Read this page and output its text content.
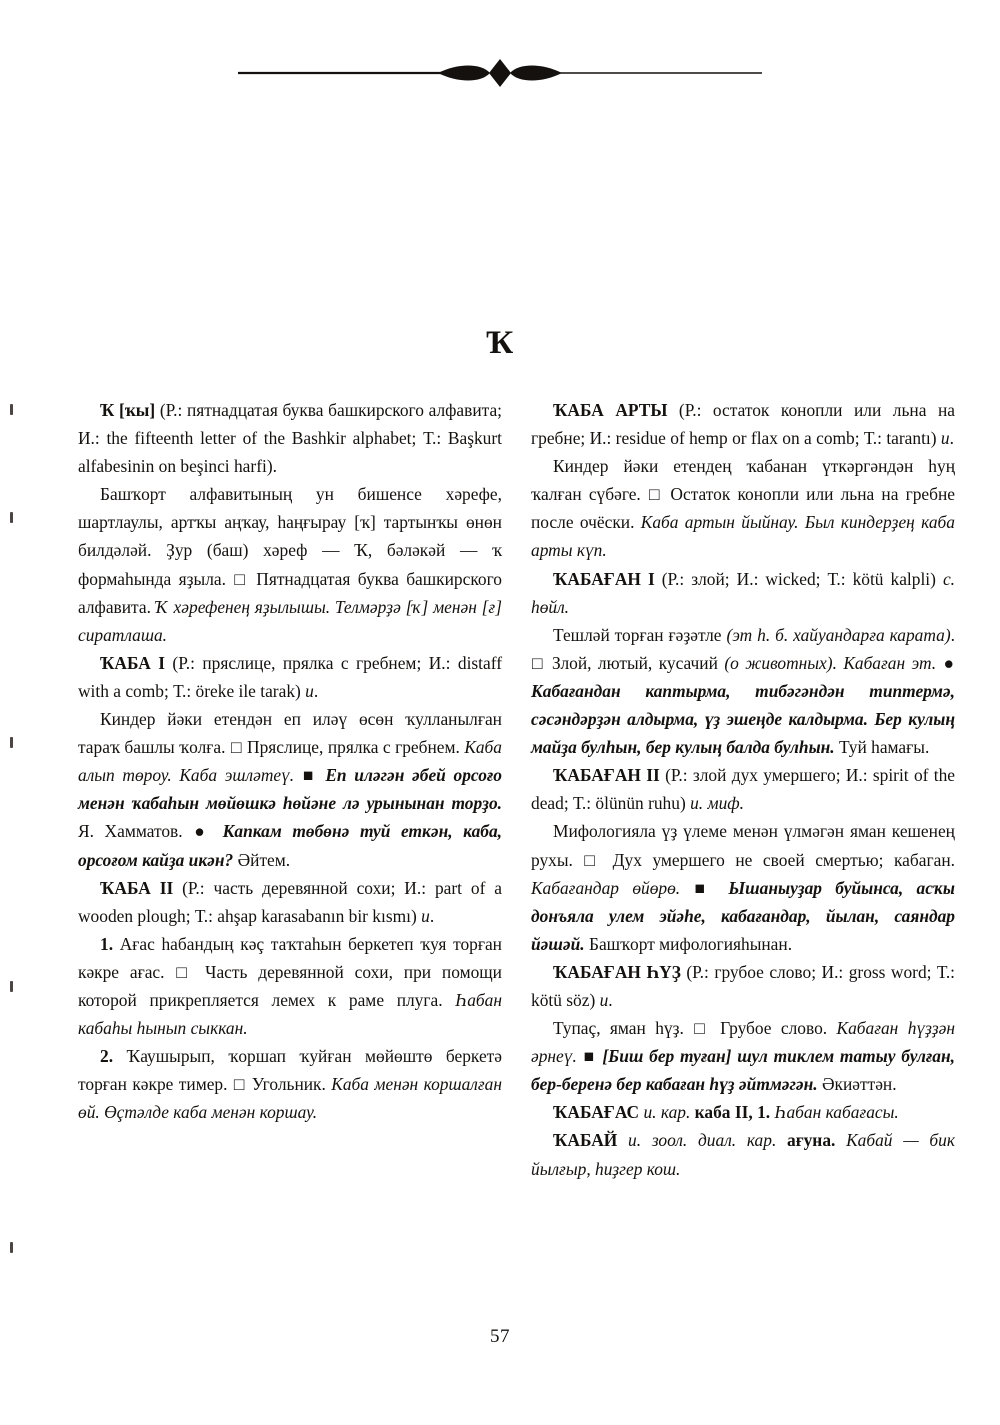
Ҡ

Ҡ [ҡы] (Р.: пятнадцатая буква башкирского алфавита; И.: the fifteenth letter of the Bashkir alphabet; Т.: Başkurt alfabesinin on beşinci harfi).

Башҡорт алфавитының ун бишенсе хәрефе, шартлаулы, артҡы аңҡау, һаңғырау [ҡ] тартынҡы өнөн билдәләй. Ҙур (баш) хәреф — Ҡ, бәләкәй — ҡ формаһында яҙыла. □ Пятнадцатая буква башкирского алфавита. Ҡ хәрефенең яҙылышы. Телмәрҙә [ҡ] менән [ғ] сиратлаша.

ҠАБА I (Р.: пряслице, прялка с гребнем; И.: distaff with a comb; Т.: öreke ile tarak) и.

Киндер йәки етендән еп иләү өсөн ҡулланылған тараҡ башлы ҡолға. □ Пряслице, прялка с гребнем. Каба алып төроу. Каба эшләтеү. ■ Еп иләгән әбей орсоғо менән ҡабаһын мөйөшкә һөйәне лә урынынан торҙо. Я. Хамматов. ● Капкам төбөнә туй еткән, каба, орсоғом кайҙа икән? Әйтем.

ҠАБА II (Р.: часть деревянной сохи; И.: part of a wooden plough; Т.: ahşap karasabanın bir kısmı) и.

1. Ағас һабандың кәç таҡтаһын беркетеп ҡуя торған кәкре ағас. □ Часть деревянной сохи, при помощи которой прикрепляется лемех к раме плуга. Һабан кабаһы һынып сыккан.

2. Ҡаушырып, ҡоршап ҡуйған мөйөштө беркетә торған кәкре тимер. □ Угольник. Каба менән коршалған өй. Өçтәлде каба менән коршау.

ҠАБА АРТЫ (Р.: остаток конопли или льна на гребне; И.: residue of hemp or flax on a comb; Т.: tarantı) и.

Киндер йәки етендең ҡабанан үткәргәндән һуң ҡалған сүбәге. □ Остаток конопли или льна на гребне после очёски. Каба артын йыйнау. Был киндерҙең каба арты күп.

ҠАБАҒАН I (Р.: злой; И.: wicked; Т.: kötü kalpli) с. һөйл.

Тешләй торған ғәҙәтле (эт һ. б. хайуандарға карата). □ Злой, лютый, кусачий (о животных). Кабаған эт. ● Кабағандан каптырма, тибәгәндән типтермә, сәсәндәрҙән алдырма, үҙ эшеңде калдырма. Бер кулың майҙа булһын, бер кулың балда булһын. Туй һамағы.

ҠАБАҒАН II (Р.: злой дух умершего; И.: spirit of the dead; Т.: ölünün ruhu) и. миф.

Мифологияла үҙ үлеме менән үлмәгән яман кешенең рухы. □ Дух умершего не своей смертью; кабаган. Кабағандар өйөрө. ■ Ышаныуҙар буйынса, асҡы донъяла улем эйәһе, кабағандар, йылан, саяндар йәшәй. Башҡорт мифологияһынан.

ҠАБАҒАН ҺҮҘ (Р.: грубое слово; И.: gross word; Т.: kötü söz) и.

Тупаç, яман һүҙ. □ Грубое слово. Кабаған һүҙҙән әрнеү. ■ [Биш бер туған] шул тиклем татыу булған, бер-беренә бер кабаған һүҙ әйтмәгән. Әкиәттән.

ҠАБАҒАС и. кар. каба II, 1. Һабан кабағасы.

ҠАБАЙ и. зоол. диал. кар. ағуна. Кабай — бик йылғыр, һиҙгер кош.

57
